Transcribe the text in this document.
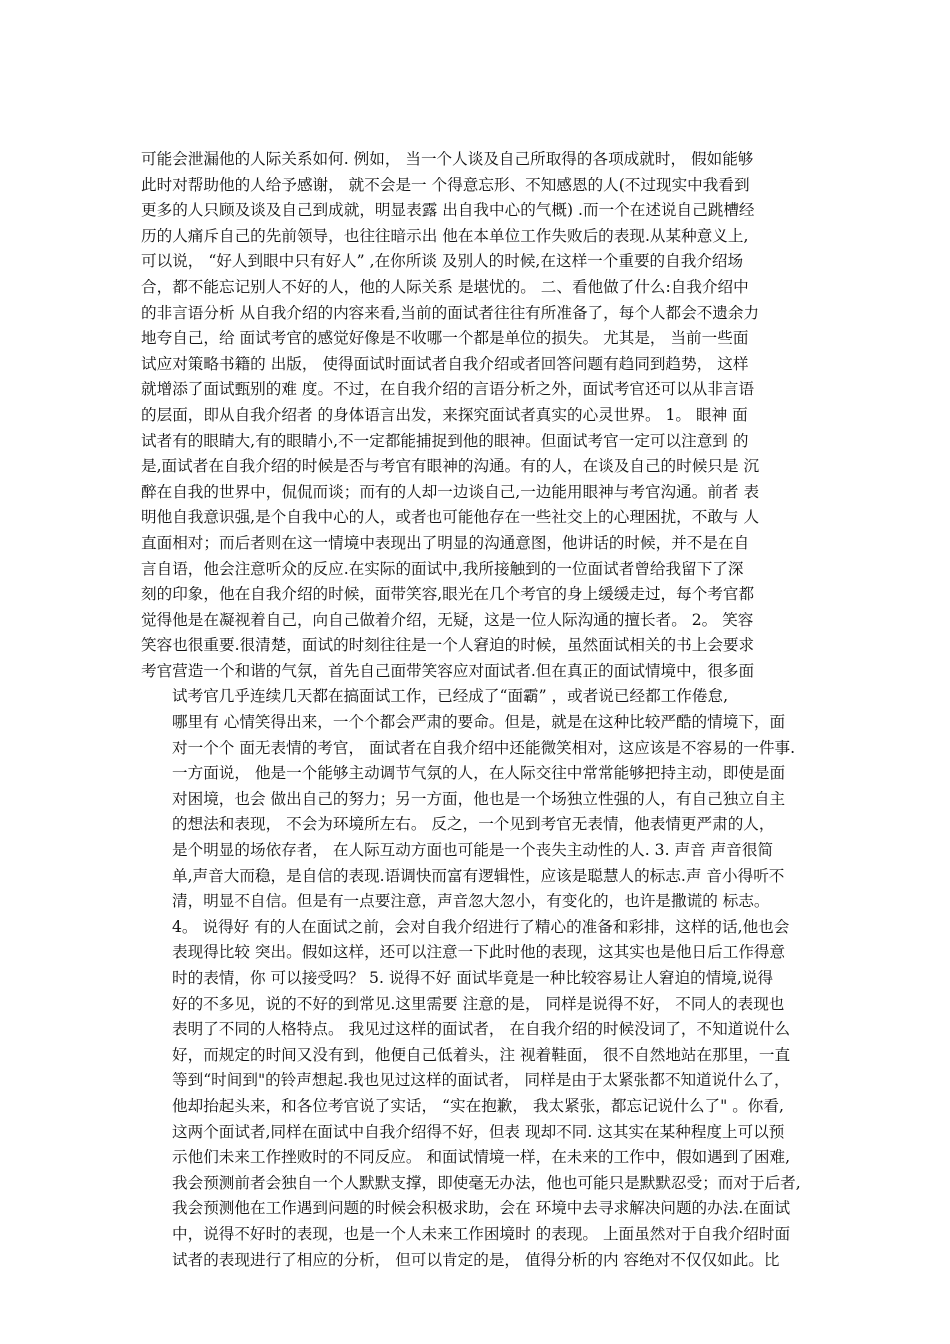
可能会泄漏他的人际关系如何. 例如， 当一个人谈及自己所取得的各项成就时， 假如能够
此时对帮助他的人给予感谢， 就不会是一 个得意忘形、不知感恩的人(不过现实中我看到
更多的人只顾及谈及自己到成就，明显表露 出自我中心的气概) .而一个在述说自己跳槽经
历的人痛斥自己的先前领导，也往往暗示出 他在本单位工作失败后的表现.从某种意义上,
可以说， “好人到眼中只有好人” ,在你所谈 及别人的时候,在这样一个重要的自我介绍场
合，都不能忘记别人不好的人，他的人际关系 是堪忧的。 二、看他做了什么:自我介绍中
的非言语分析 从自我介绍的内容来看,当前的面试者往往有所准备了，每个人都会不遗余力
地夸自己，给 面试考官的感觉好像是不收哪一个都是单位的损失。 尤其是， 当前一些面
试应对策略书籍的 出版， 使得面试时面试者自我介绍或者回答问题有趋同到趋势， 这样
就增添了面试甄别的难 度。不过，在自我介绍的言语分析之外，面试考官还可以从非言语
的层面，即从自我介绍者 的身体语言出发，来探究面试者真实的心灵世界。 1。 眼神 面
试者有的眼睛大,有的眼睛小,不一定都能捕捉到他的眼神。但面试考官一定可以注意到 的
是,面试者在自我介绍的时候是否与考官有眼神的沟通。有的人，在谈及自己的时候只是 沉
醉在自我的世界中，侃侃而谈；而有的人却一边谈自己,一边能用眼神与考官沟通。前者 表
明他自我意识强,是个自我中心的人，或者也可能他存在一些社交上的心理困扰，不敢与 人
直面相对；而后者则在这一情境中表现出了明显的沟通意图，他讲话的时候，并不是在自
言自语，他会注意听众的反应.在实际的面试中,我所接触到的一位面试者曾给我留下了深
刻的印象，他在自我介绍的时候，面带笑容,眼光在几个考官的身上缓缓走过，每个考官都
觉得他是在凝视着自己，向自己做着介绍，无疑，这是一位人际沟通的擅长者。 2。 笑容
笑容也很重要.很清楚，面试的时刻往往是一个人窘迫的时候，虽然面试相关的书上会要求
考官营造一个和谐的气氛，首先自己面带笑容应对面试者.但在真正的面试情境中，很多面
试考官几乎连续几天都在搞面试工作，已经成了“面霸” ，或者说已经都工作倦怠,
哪里有 心情笑得出来，一个个都会严肃的要命。但是，就是在这种比较严酷的情境下，面
对一个个 面无表情的考官， 面试者在自我介绍中还能微笑相对，这应该是不容易的一件事.
一方面说， 他是一个能够主动调节气氛的人，在人际交往中常常能够把持主动，即使是面
对困境，也会 做出自己的努力；另一方面，他也是一个场独立性强的人，有自己独立自主
的想法和表现， 不会为环境所左右。 反之，一个见到考官无表情，他表情更严肃的人，
是个明显的场依存者， 在人际互动方面也可能是一个丧失主动性的人. 3. 声音 声音很简
单,声音大而稳，是自信的表现.语调快而富有逻辑性，应该是聪慧人的标志.声 音小得听不
清，明显不自信。但是有一点要注意，声音忽大忽小，有变化的，也许是撒谎的 标志。
4。 说得好 有的人在面试之前，会对自我介绍进行了精心的准备和彩排，这样的话,他也会
表现得比较 突出。假如这样，还可以注意一下此时他的表现，这其实也是他日后工作得意
时的表情，你 可以接受吗？ 5. 说得不好 面试毕竟是一种比较容易让人窘迫的情境,说得
好的不多见，说的不好的到常见.这里需要 注意的是， 同样是说得不好， 不同人的表现也
表明了不同的人格特点。 我见过这样的面试者， 在自我介绍的时候没词了，不知道说什么
好，而规定的时间又没有到，他便自己低着头，注 视着鞋面， 很不自然地站在那里，一直
等到“时间到"的铃声想起.我也见过这样的面试者， 同样是由于太紧张都不知道说什么了，
他却抬起头来，和各位考官说了实话， “实在抱歉， 我太紧张，都忘记说什么了" 。你看,
这两个面试者,同样在面试中自我介绍得不好，但表 现却不同. 这其实在某种程度上可以预
示他们未来工作挫败时的不同反应。 和面试情境一样，在未来的工作中，假如遇到了困难,
我会预测前者会独自一个人默默支撑，即使毫无办法，他也可能只是默默忍受；而对于后者,
我会预测他在工作遇到问题的时候会积极求助，会在 环境中去寻求解决问题的办法.在面试
中，说得不好时的表现，也是一个人未来工作困境时 的表现。 上面虽然对于自我介绍时面
试者的表现进行了相应的分析， 但可以肯定的是， 值得分析的内 容绝对不仅仅如此。比
